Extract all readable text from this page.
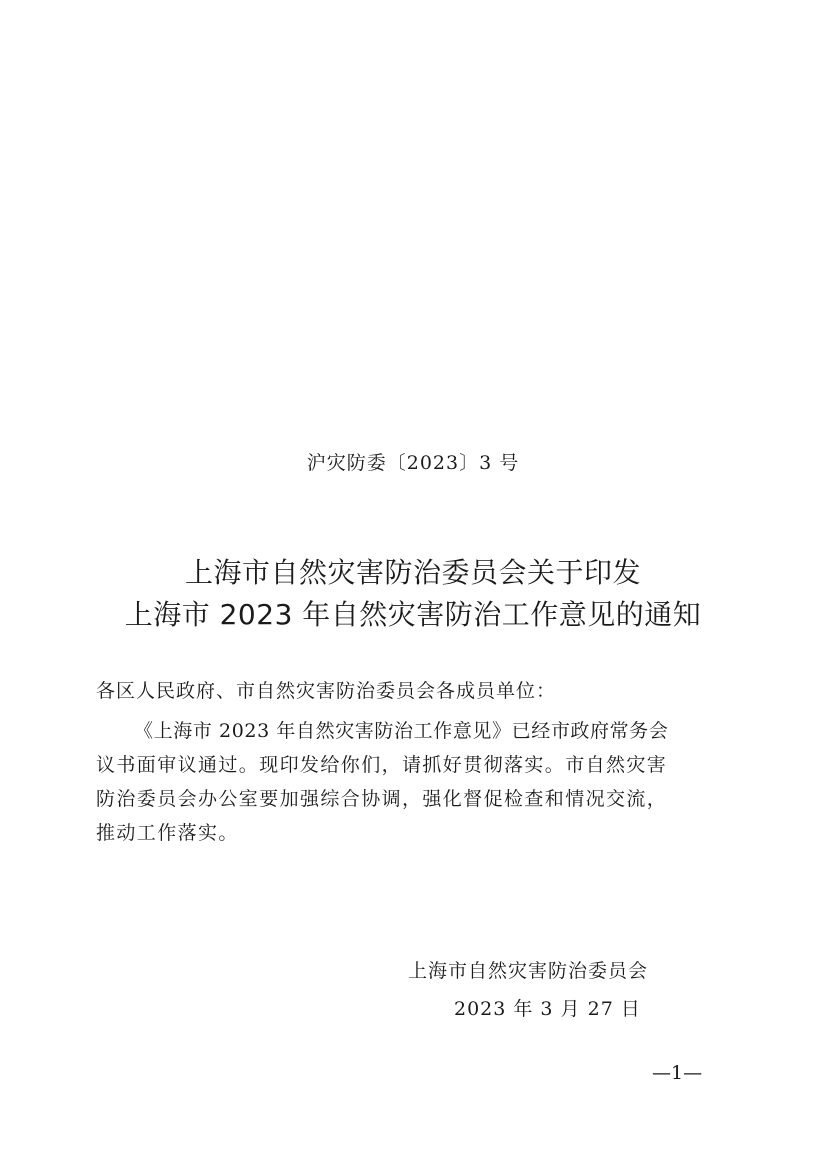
沪灾防委〔2023〕3 号
上海市自然灾害防治委员会关于印发
上海市 2023 年自然灾害防治工作意见的通知
各区人民政府、市自然灾害防治委员会各成员单位：
《上海市 2023 年自然灾害防治工作意见》已经市政府常务会
议书面审议通过。现印发给你们，请抓好贯彻落实。市自然灾害
防治委员会办公室要加强综合协调，强化督促检查和情况交流，
推动工作落实。
上海市自然灾害防治委员会
2023 年 3 月 27 日
—1—
